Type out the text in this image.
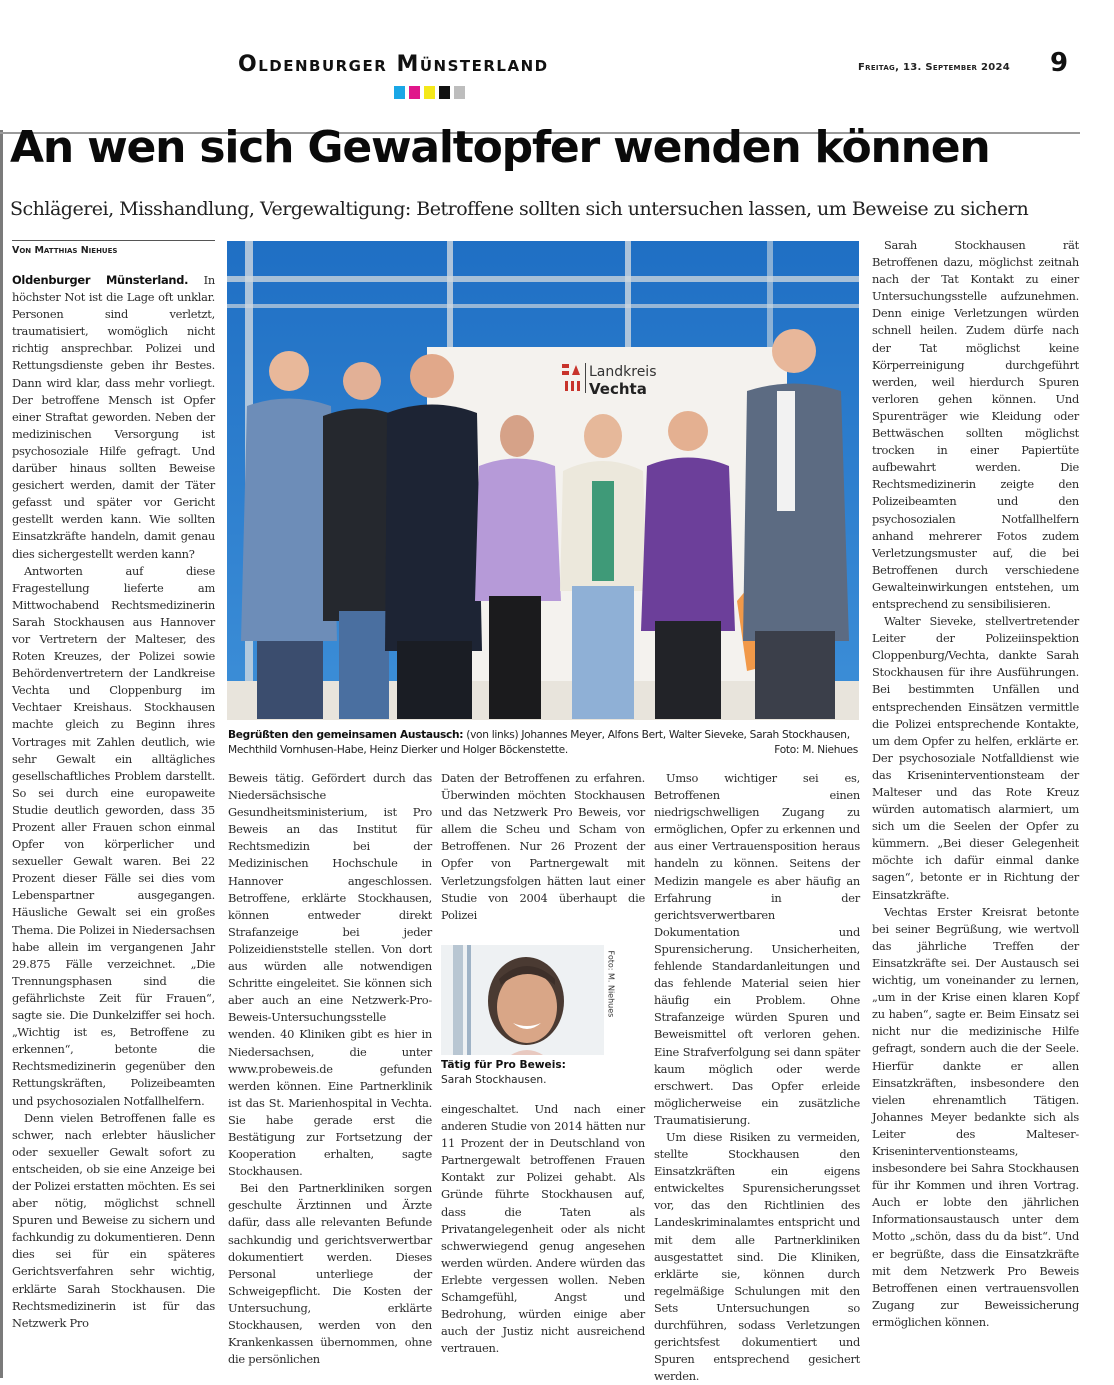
Oldenburger Münsterland	Freitag, 13. September 2024 9
An wen sich Gewaltopfer wenden können
Schlägerei, Misshandlung, Vergewaltigung: Betroffene sollten sich untersuchen lassen, um Beweise zu sichern
Von Matthias Niehues

Oldenburger Münsterland. In höchster Not ist die Lage oft unklar. Personen sind verletzt, traumatisiert, womöglich nicht richtig ansprechbar. Polizei und Rettungsdienste geben ihr Bestes. Dann wird klar, dass mehr vorliegt. Der betroffene Mensch ist Opfer einer Straftat geworden. Neben der medizinischen Versorgung ist psychosoziale Hilfe gefragt. Und darüber hinaus sollten Beweise gesichert werden, damit der Täter gefasst und später vor Gericht gestellt werden kann. Wie sollten Einsatzkräfte handeln, damit genau dies sichergestellt werden kann?

Antworten auf diese Fragestellung lieferte am Mittwochabend Rechtsmedizinerin Sarah Stockhausen aus Hannover vor Vertretern der Malteser, des Roten Kreuzes, der Polizei sowie Behördenvertretern der Landkreise Vechta und Cloppenburg im Vechtaer Kreishaus. Stockhausen machte gleich zu Beginn ihres Vortrages mit Zahlen deutlich, wie sehr Gewalt ein alltägliches gesellschaftliches Problem darstellt. So sei durch eine europaweite Studie deutlich geworden, dass 35 Prozent aller Frauen schon einmal Opfer von körperlicher und sexueller Gewalt waren. Bei 22 Prozent dieser Fälle sei dies vom Lebenspartner ausgegangen. Häusliche Gewalt sei ein großes Thema. Die Polizei in Niedersachsen habe allein im vergangenen Jahr 29.875 Fälle verzeichnet. „Die Trennungsphasen sind die gefährlichste Zeit für Frauen“, sagte sie. Die Dunkelziffer sei hoch. „Wichtig ist es, Betroffene zu erkennen“, betonte die Rechtsmedizinerin gegenüber den Rettungskräften, Polizeibeamten und psychosozialen Notfallhelfern.

Denn vielen Betroffenen falle es schwer, nach erlebter häuslicher oder sexueller Gewalt sofort zu entscheiden, ob sie eine Anzeige bei der Polizei erstatten möchten. Es sei aber nötig, möglichst schnell Spuren und Beweise zu sichern und fachkundig zu dokumentieren. Denn dies sei für ein späteres Gerichtsverfahren sehr wichtig, erklärte Sarah Stockhausen. Die Rechtsmedizinerin ist für das Netzwerk Pro

Landkreis
Vechta
Begrüßten den gemeinsamen Austausch: (von links) Johannes Meyer, Alfons Bert, Walter Sieveke, Sarah Stockhausen, Mechthild Vornhusen-Habe, Heinz Dierker und Holger Böckenstette.	Foto: M. Niehues

Beweis tätig. Gefördert durch das Niedersächsische Gesundheitsministerium, ist Pro Beweis an das Institut für Rechtsmedizin bei der Medizinischen Hochschule in Hannover angeschlossen. Betroffene, erklärte Stockhausen, können entweder direkt Strafanzeige bei jeder Polizeidienststelle stellen. Von dort aus würden alle notwendigen Schritte eingeleitet. Sie können sich aber auch an eine Netzwerk-Pro-Beweis-Untersuchungsstelle wenden. 40 Kliniken gibt es hier in Niedersachsen, die unter www.probeweis.de gefunden werden können. Eine Partnerklinik ist das St. Marienhospital in Vechta. Sie habe gerade erst die Bestätigung zur Fortsetzung der Kooperation erhalten, sagte Stockhausen.

Bei den Partnerkliniken sorgen geschulte Ärztinnen und Ärzte dafür, dass alle relevanten Befunde sachkundig und gerichtsverwertbar dokumentiert werden. Dieses Personal unterliege der Schweigepflicht. Die Kosten der Untersuchung, erklärte Stockhausen, werden von den Krankenkassen übernommen, ohne die persönlichen

Daten der Betroffenen zu erfahren. Überwinden möchten Stockhausen und das Netzwerk Pro Beweis, vor allem die Scheu und Scham von Betroffenen. Nur 26 Prozent der Opfer von Partnergewalt mit Verletzungsfolgen hätten laut einer Studie von 2004 überhaupt die Polizei

Foto: M. Niehues
Tätig für Pro Beweis:
Sarah Stockhausen.

eingeschaltet. Und nach einer anderen Studie von 2014 hätten nur 11 Prozent der in Deutschland von Partnergewalt betroffenen Frauen Kontakt zur Polizei gehabt. Als Gründe führte Stockhausen auf, dass die Taten als Privatangelegenheit oder als nicht schwerwiegend genug angesehen werden würden. Andere würden das Erlebte vergessen wollen. Neben Schamgefühl, Angst und Bedrohung, würden einige aber auch der Justiz nicht ausreichend vertrauen.

Umso wichtiger sei es, Betroffenen einen niedrigschwelligen Zugang zu ermöglichen, Opfer zu erkennen und aus einer Vertrauensposition heraus handeln zu können. Seitens der Medizin mangele es aber häufig an Erfahrung in der gerichtsverwertbaren Dokumentation und Spurensicherung. Unsicherheiten, fehlende Standardanleitungen und das fehlende Material seien hier häufig ein Problem. Ohne Strafanzeige würden Spuren und Beweismittel oft verloren gehen. Eine Strafverfolgung sei dann später kaum möglich oder werde erschwert. Das Opfer erleide möglicherweise ein zusätzliche Traumatisierung.

Um diese Risiken zu vermeiden, stellte Stockhausen den Einsatzkräften ein eigens entwickeltes Spurensicherungsset vor, das den Richtlinien des Landeskriminalamtes entspricht und mit dem alle Partnerkliniken ausgestattet sind. Die Kliniken, erklärte sie, können durch regelmäßige Schulungen mit den Sets Untersuchungen so durchführen, sodass Verletzungen gerichtsfest dokumentiert und Spuren entsprechend gesichert werden.

Sarah Stockhausen rät Betroffenen dazu, möglichst zeitnah nach der Tat Kontakt zu einer Untersuchungsstelle aufzunehmen. Denn einige Verletzungen würden schnell heilen. Zudem dürfe nach der Tat möglichst keine Körperreinigung durchgeführt werden, weil hierdurch Spuren verloren gehen können. Und Spurenträger wie Kleidung oder Bettwäschen sollten möglichst trocken in einer Papiertüte aufbewahrt werden. Die Rechtsmedizinerin zeigte den Polizeibeamten und den psychosozialen Notfallhelfern anhand mehrerer Fotos zudem Verletzungsmuster auf, die bei Betroffenen durch verschiedene Gewalteinwirkungen entstehen, um entsprechend zu sensibilisieren.

Walter Sieveke, stellvertretender Leiter der Polizeiinspektion Cloppenburg/Vechta, dankte Sarah Stockhausen für ihre Ausführungen. Bei bestimmten Unfällen und entsprechenden Einsätzen vermittle die Polizei entsprechende Kontakte, um dem Opfer zu helfen, erklärte er. Der psychosoziale Notfalldienst wie das Kriseninterventionsteam der Malteser und das Rote Kreuz würden automatisch alarmiert, um sich um die Seelen der Opfer zu kümmern. „Bei dieser Gelegenheit möchte ich dafür einmal danke sagen“, betonte er in Richtung der Einsatzkräfte.

Vechtas Erster Kreisrat betonte bei seiner Begrüßung, wie wertvoll das jährliche Treffen der Einsatzkräfte sei. Der Austausch sei wichtig, um voneinander zu lernen, „um in der Krise einen klaren Kopf zu haben“, sagte er. Beim Einsatz sei nicht nur die medizinische Hilfe gefragt, sondern auch die der Seele. Hierfür dankte er allen Einsatzkräften, insbesondere den vielen ehrenamtlich Tätigen. Johannes Meyer bedankte sich als Leiter des Malteser-Kriseninterventionsteams, insbesondere bei Sahra Stockhausen für ihr Kommen und ihren Vortrag. Auch er lobte den jährlichen Informationsaustausch unter dem Motto „schön, dass du da bist“. Und er begrüßte, dass die Einsatzkräfte mit dem Netzwerk Pro Beweis Betroffenen einen vertrauensvollen Zugang zur Beweissicherung ermöglichen können.
